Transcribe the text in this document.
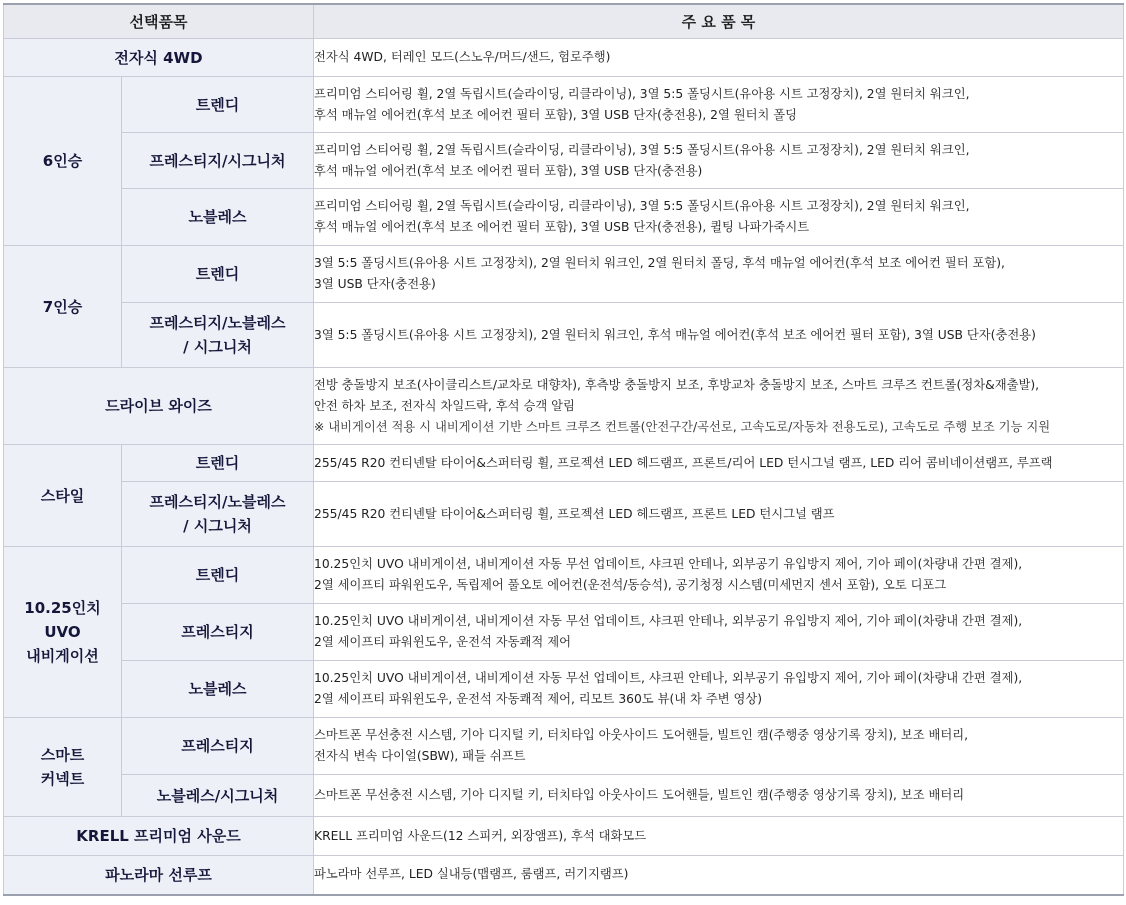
선택품목		주 요 품 목
전자식 4WD		전자식 4WD, 터레인 모드(스노우/머드/샌드, 험로주행)

6인승	트렌디	프리미엄 스티어링 휠, 2열 독립시트(슬라이딩, 리클라이닝), 3열 5:5 폴딩시트(유아용 시트 고정장치), 2열 원터치 워크인,
후석 매뉴얼 에어컨(후석 보조 에어컨 필터 포함), 3열 USB 단자(충전용), 2열 원터치 폴딩

	프레스티지/시그니처	프리미엄 스티어링 휠, 2열 독립시트(슬라이딩, 리클라이닝), 3열 5:5 폴딩시트(유아용 시트 고정장치), 2열 원터치 워크인,
후석 매뉴얼 에어컨(후석 보조 에어컨 필터 포함), 3열 USB 단자(충전용)

	노블레스	프리미엄 스티어링 휠, 2열 독립시트(슬라이딩, 리클라이닝), 3열 5:5 폴딩시트(유아용 시트 고정장치), 2열 원터치 워크인,
후석 매뉴얼 에어컨(후석 보조 에어컨 필터 포함), 3열 USB 단자(충전용), 퀼팅 나파가죽시트

7인승	트렌디	3열 5:5 폴딩시트(유아용 시트 고정장치), 2열 원터치 워크인, 2열 원터치 폴딩, 후석 매뉴얼 에어컨(후석 보조 에어컨 필터 포함),
3열 USB 단자(충전용)

	프레스티지/노블레스
/ 시그니처	3열 5:5 폴딩시트(유아용 시트 고정장치), 2열 원터치 워크인, 후석 매뉴얼 에어컨(후석 보조 에어컨 필터 포함), 3열 USB 단자(충전용)

드라이브 와이즈		전방 충돌방지 보조(사이클리스트/교차로 대향차), 후측방 충돌방지 보조, 후방교차 충돌방지 보조, 스마트 크루즈 컨트롤(정차&재출발),
안전 하차 보조, 전자식 차일드락, 후석 승객 알림
※ 내비게이션 적용 시 내비게이션 기반 스마트 크루즈 컨트롤(안전구간/곡선로, 고속도로/자동차 전용도로), 고속도로 주행 보조 기능 지원

스타일	트렌디	255/45 R20 컨티넨탈 타이어&스퍼터링 휠, 프로젝션 LED 헤드램프, 프론트/리어 LED 턴시그널 램프, LED 리어 콤비네이션램프, 루프랙

	프레스티지/노블레스
/ 시그니처	255/45 R20 컨티넨탈 타이어&스퍼터링 휠, 프로젝션 LED 헤드램프, 프론트 LED 턴시그널 램프

10.25인치
UVO
내비게이션	트렌디	10.25인치 UVO 내비게이션, 내비게이션 자동 무선 업데이트, 샤크핀 안테나, 외부공기 유입방지 제어, 기아 페이(차량내 간편 결제),
2열 세이프티 파워윈도우, 독립제어 풀오토 에어컨(운전석/동승석), 공기청정 시스템(미세먼지 센서 포함), 오토 디포그

	프레스티지	10.25인치 UVO 내비게이션, 내비게이션 자동 무선 업데이트, 샤크핀 안테나, 외부공기 유입방지 제어, 기아 페이(차량내 간편 결제),
2열 세이프티 파워윈도우, 운전석 자동쾌적 제어

	노블레스	10.25인치 UVO 내비게이션, 내비게이션 자동 무선 업데이트, 샤크핀 안테나, 외부공기 유입방지 제어, 기아 페이(차량내 간편 결제),
2열 세이프티 파워윈도우, 운전석 자동쾌적 제어, 리모트 360도 뷰(내 차 주변 영상)

스마트
커넥트	프레스티지	스마트폰 무선충전 시스템, 기아 디지털 키, 터치타입 아웃사이드 도어핸들, 빌트인 캠(주행중 영상기록 장치), 보조 배터리,
전자식 변속 다이얼(SBW), 패들 쉬프트

	노블레스/시그니처	스마트폰 무선충전 시스템, 기아 디지털 키, 터치타입 아웃사이드 도어핸들, 빌트인 캠(주행중 영상기록 장치), 보조 배터리

KRELL 프리미엄 사운드		KRELL 프리미엄 사운드(12 스피커, 외장앰프), 후석 대화모드

파노라마 선루프		파노라마 선루프, LED 실내등(맵램프, 룸램프, 러기지램프)
